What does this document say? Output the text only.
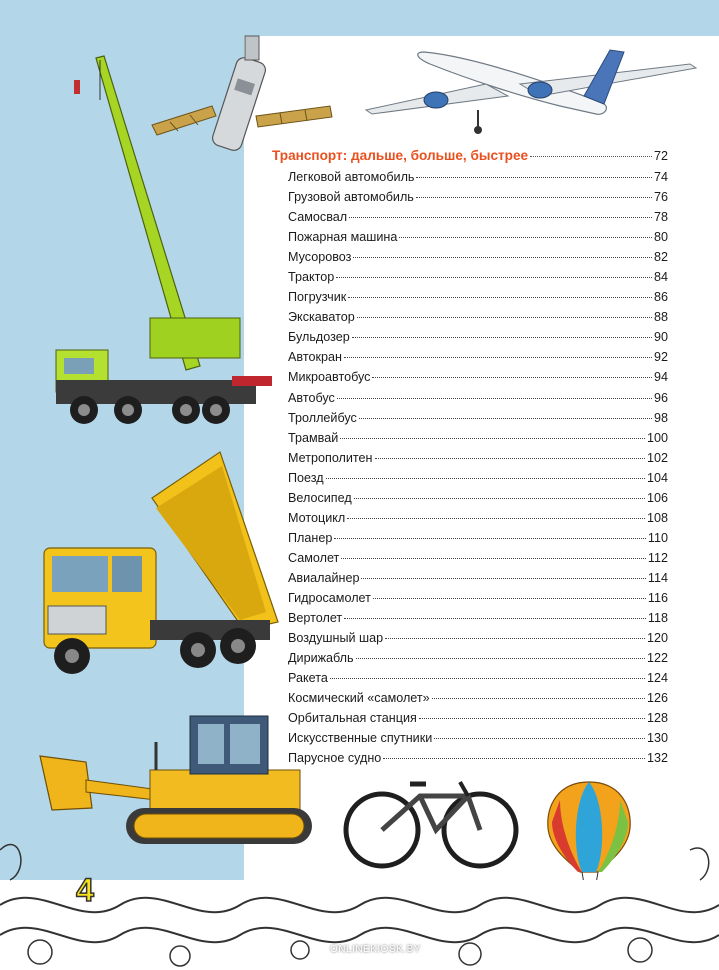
Транспорт: дальше, больше, быстрее	72
Легковой автомобиль	74
Грузовой автомобиль	76
Самосвал	78
Пожарная машина	80
Мусоровоз	82
Трактор	84
Погрузчик	86
Экскаватор	88
Бульдозер	90
Автокран	92
Микроавтобус	94
Автобус	96
Троллейбус	98
Трамвай	100
Метрополитен	102
Поезд	104
Велосипед	106
Мотоцикл	108
Планер	110
Самолет	112
Авиалайнер	114
Гидросамолет	116
Вертолет	118
Воздушный шар	120
Дирижабль	122
Ракета	124
Космический «самолет»	126
Орбитальная станция	128
Искусственные спутники	130
Парусное судно	132
4
ONLINEKIOSK.BY
